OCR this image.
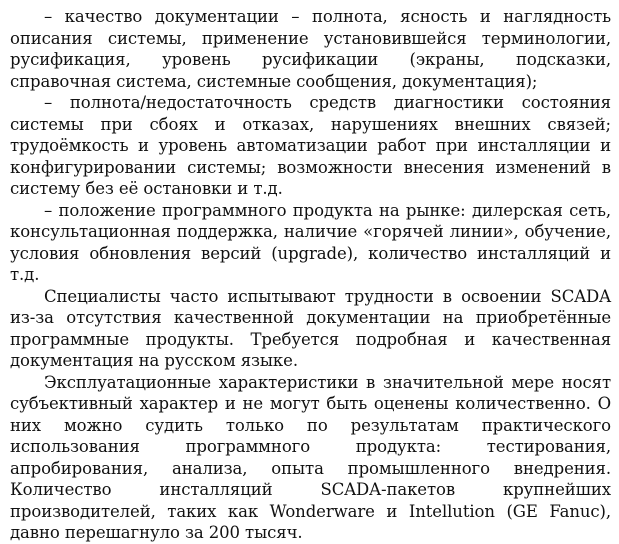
– качество документации – полнота, ясность и наглядность описания системы, применение установившейся терминологии, русификация, уровень русификации (экраны, подсказки, справочная система, системные сообщения, документация);

– полнота/недостаточность средств диагностики состояния системы при сбоях и отказах, нарушениях внешних связей; трудоёмкость и уровень автоматизации работ при инсталляции и конфигурировании системы; возможности внесения изменений в систему без её остановки и т.д.

– положение программного продукта на рынке: дилерская сеть, консультационная поддержка, наличие «горячей линии», обучение, условия обновления версий (upgrade), количество инсталляций и т.д.

Специалисты часто испытывают трудности в освоении SCADA из-за отсутствия качественной документации на приобретённые программные продукты. Требуется подробная и качественная документация на русском языке.

Эксплуатационные характеристики в значительной мере носят субъективный характер и не могут быть оценены количественно. О них можно судить только по результатам практического использования программного продукта: тестирования, апробирования, анализа, опыта промышленного внедрения. Количество инсталляций SCADA-пакетов крупнейших производителей, таких как Wonderware и Intellution (GE Fanuc), давно перешагнуло за 200 тысяч.
